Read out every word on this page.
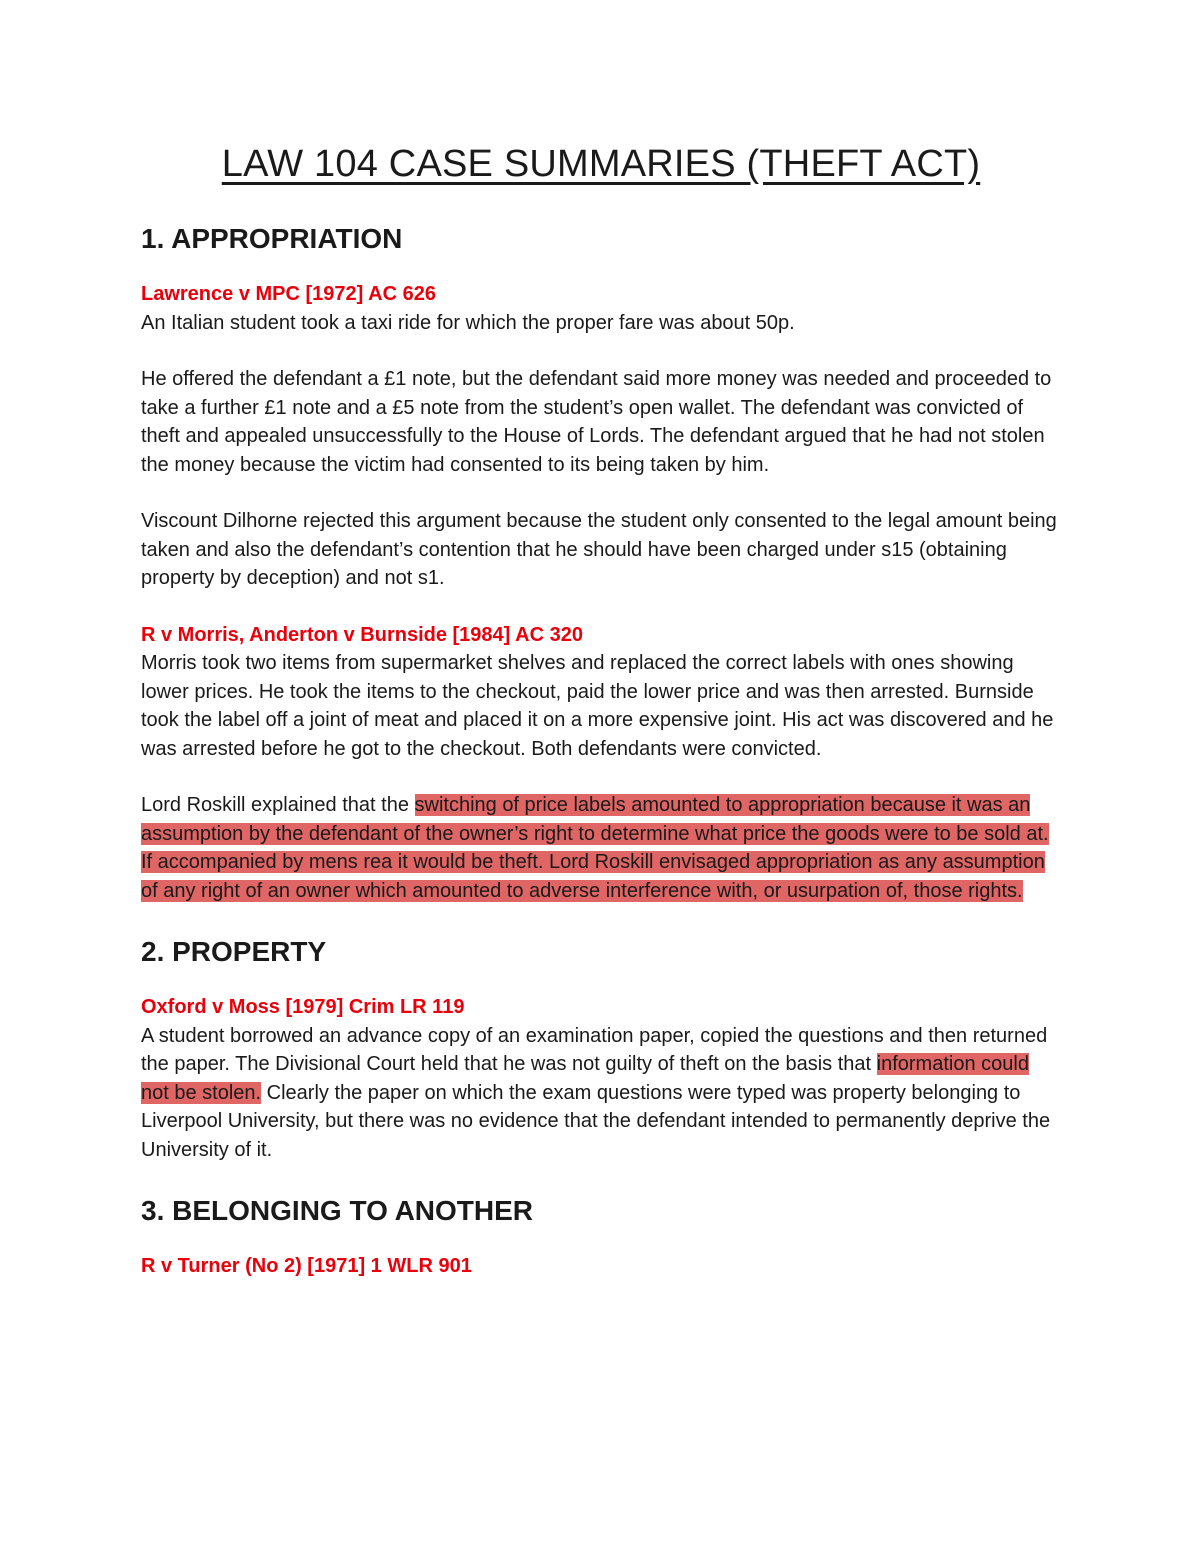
LAW 104 CASE SUMMARIES (THEFT ACT)
1. APPROPRIATION

Lawrence v MPC [1972] AC 626

An Italian student took a taxi ride for which the proper fare was about 50p.

He offered the defendant a £1 note, but the defendant said more money was needed and proceeded to take a further £1 note and a £5 note from the student’s open wallet. The defendant was convicted of theft and appealed unsuccessfully to the House of Lords. The defendant argued that he had not stolen the money because the victim had consented to its being taken by him.

Viscount Dilhorne rejected this argument because the student only consented to the legal amount being taken and also the defendant’s contention that he should have been charged under s15 (obtaining property by deception) and not s1.

R v Morris, Anderton v Burnside [1984] AC 320

Morris took two items from supermarket shelves and replaced the correct labels with ones showing lower prices. He took the items to the checkout, paid the lower price and was then arrested. Burnside took the label off a joint of meat and placed it on a more expensive joint. His act was discovered and he was arrested before he got to the checkout. Both defendants were convicted.

Lord Roskill explained that the switching of price labels amounted to appropriation because it was an assumption by the defendant of the owner’s right to determine what price the goods were to be sold at. If accompanied by mens rea it would be theft. Lord Roskill envisaged appropriation as any assumption of any right of an owner which amounted to adverse interference with, or usurpation of, those rights.

2. PROPERTY

Oxford v Moss [1979] Crim LR 119

A student borrowed an advance copy of an examination paper, copied the questions and then returned the paper. The Divisional Court held that he was not guilty of theft on the basis that information could not be stolen. Clearly the paper on which the exam questions were typed was property belonging to Liverpool University, but there was no evidence that the defendant intended to permanently deprive the University of it.

3. BELONGING TO ANOTHER

R v Turner (No 2) [1971] 1 WLR 901
